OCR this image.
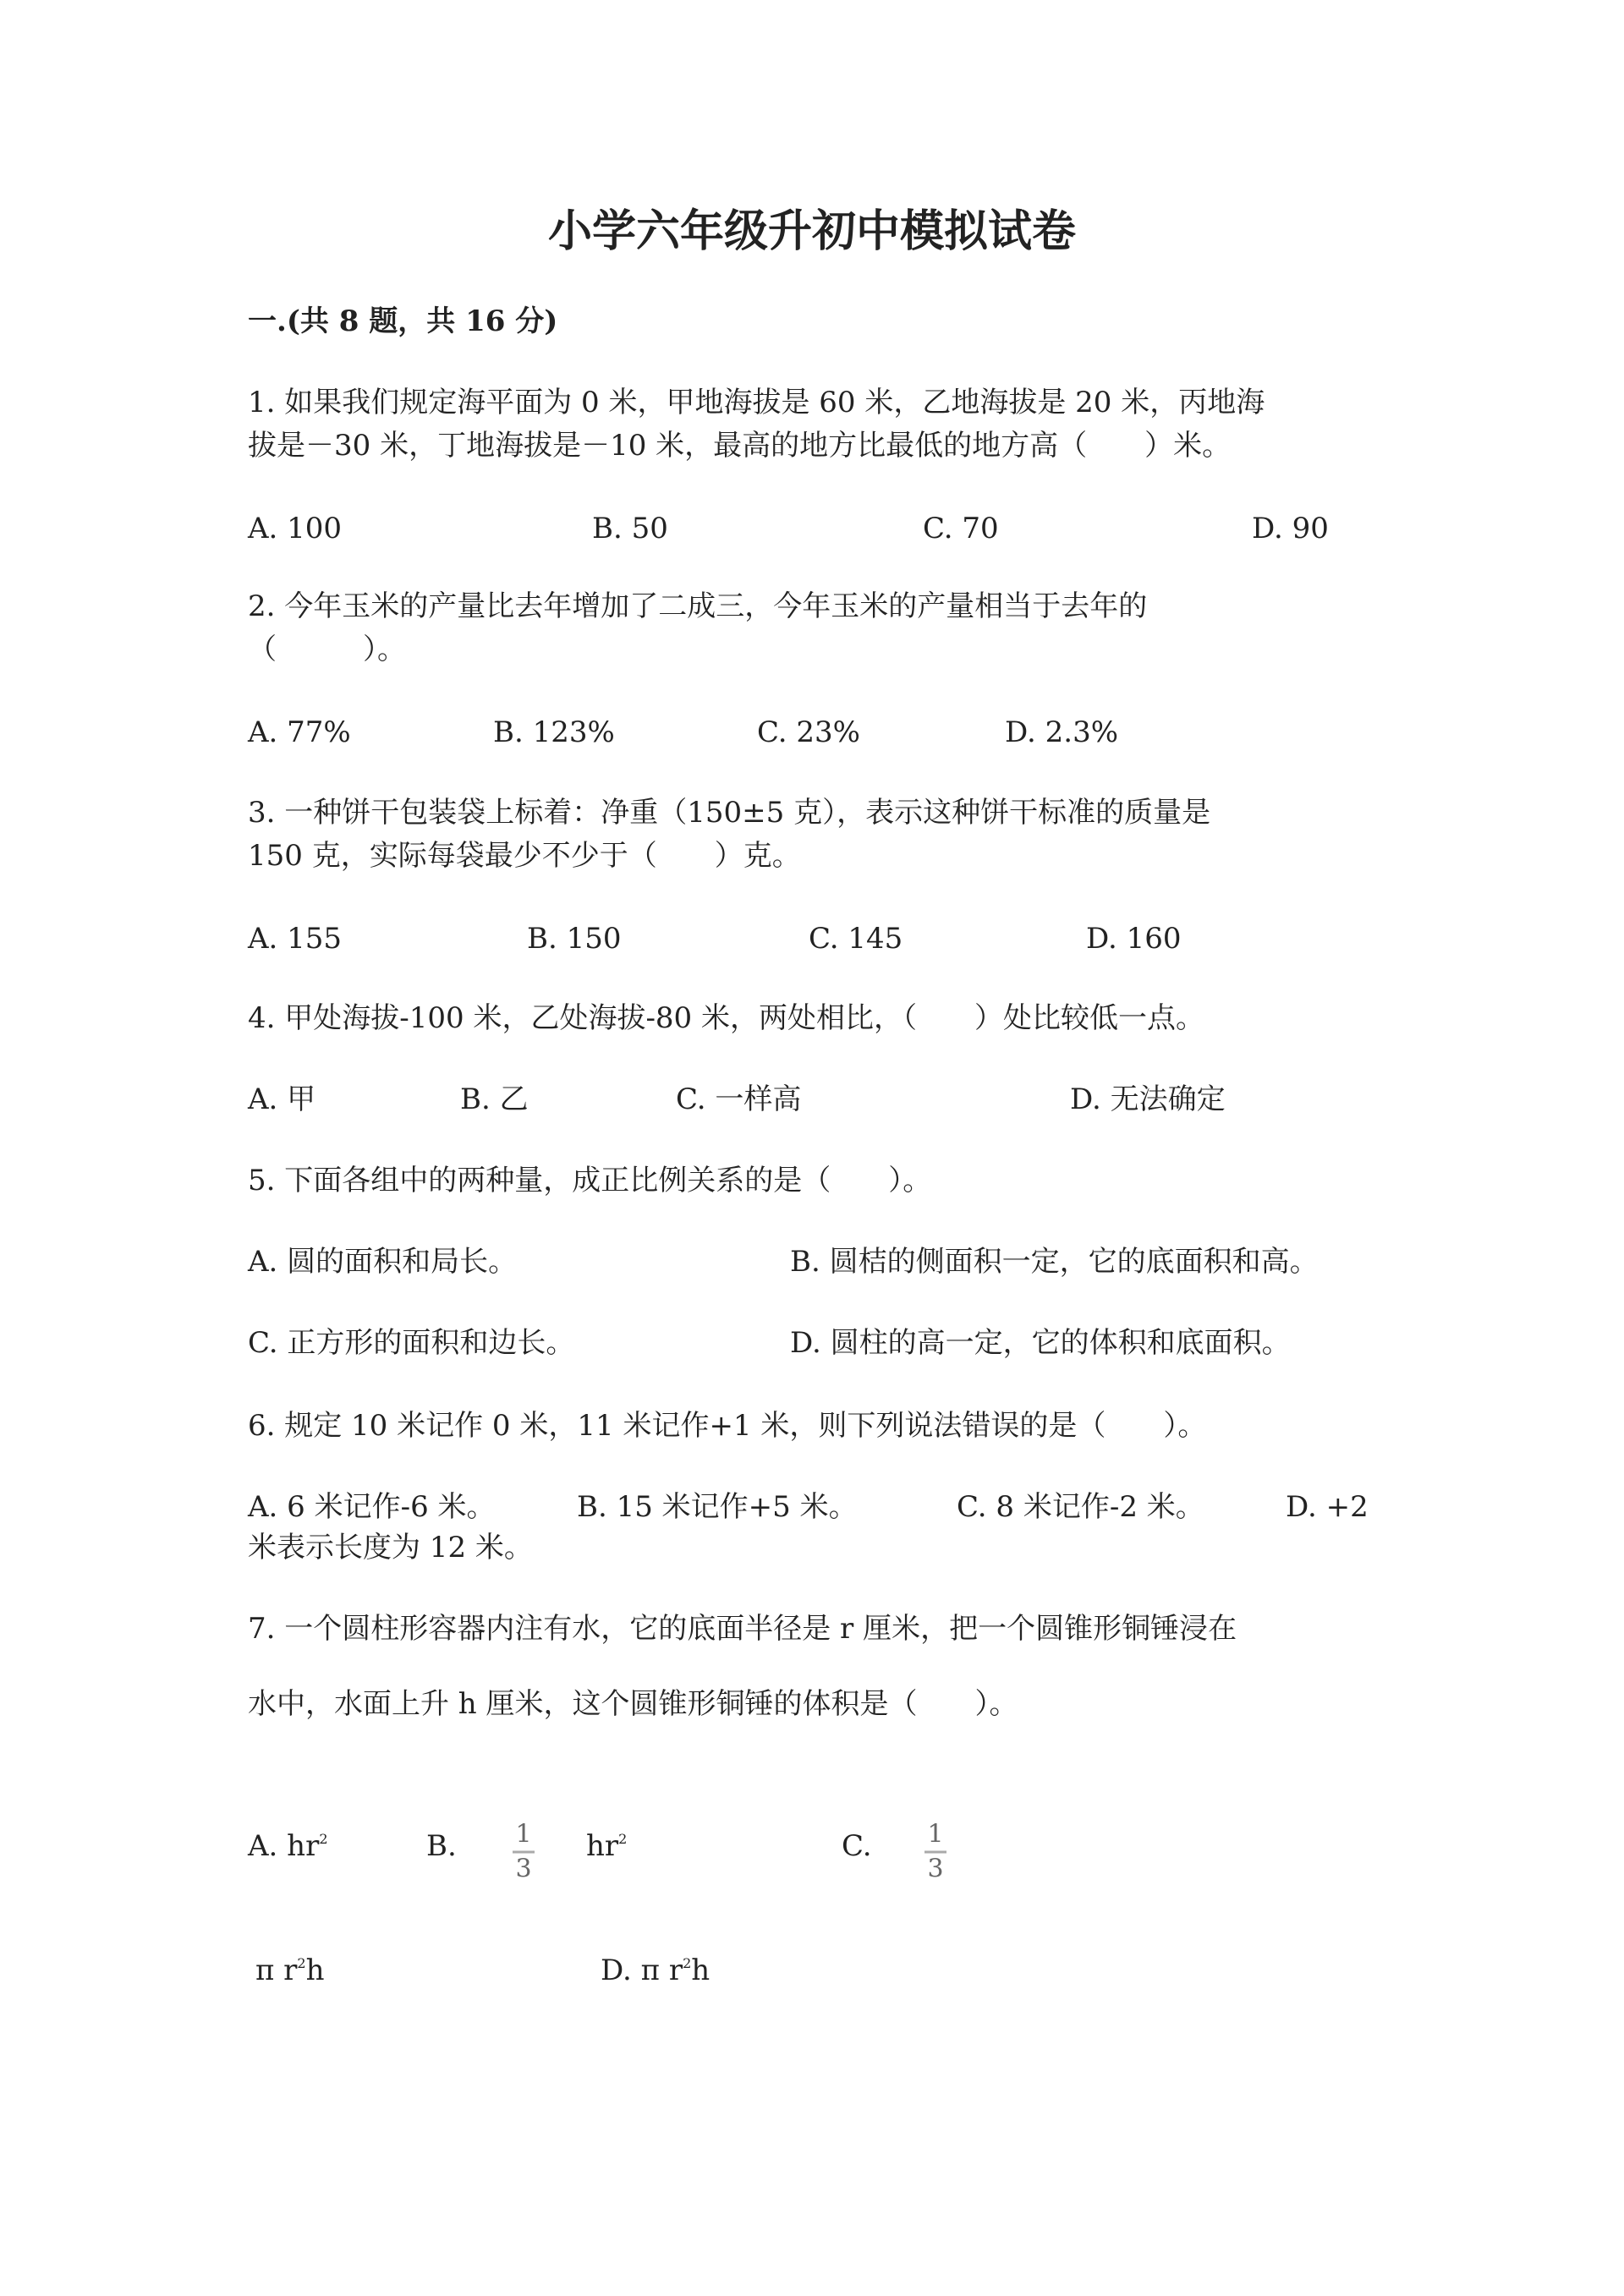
小学六年级升初中模拟试卷
一.(共 8 题，共 16 分)
1. 如果我们规定海平面为 0 米，甲地海拔是 60 米，乙地海拔是 20 米，丙地海
拔是－30 米，丁地海拔是－10 米，最高的地方比最低的地方高（　　）米。
A. 100	B. 50	C. 70	D. 90
2. 今年玉米的产量比去年增加了二成三，今年玉米的产量相当于去年的
（　　　）。
A. 77%	B. 123%	C. 23%	D. 2.3%
3. 一种饼干包装袋上标着：净重（150±5 克），表示这种饼干标准的质量是
150 克，实际每袋最少不少于（　　）克。
A. 155	B. 150	C. 145	D. 160
4. 甲处海拔-100 米，乙处海拔-80 米，两处相比，（　　）处比较低一点。
A. 甲	B. 乙	C. 一样高	D. 无法确定
5. 下面各组中的两种量，成正比例关系的是（　　）。
A. 圆的面积和局长。	B. 圆桔的侧面积一定，它的底面积和高。
C. 正方形的面积和边长。	D. 圆柱的高一定，它的体积和底面积。
6. 规定 10 米记作 0 米，11 米记作+1 米，则下列说法错误的是（　　）。
A. 6 米记作-6 米。	B. 15 米记作+5 米。	C. 8 米记作-2 米。	D. +2
米表示长度为 12 米。
7. 一个圆柱形容器内注有水，它的底面半径是 r 厘米，把一个圆锥形铜锤浸在
水中，水面上升 h 厘米，这个圆锥形铜锤的体积是（　　）。
A. $hr^2$	B. 1
3
$hr^2$	C. 1
3
π $r^2h$	D. π $r^2h$
